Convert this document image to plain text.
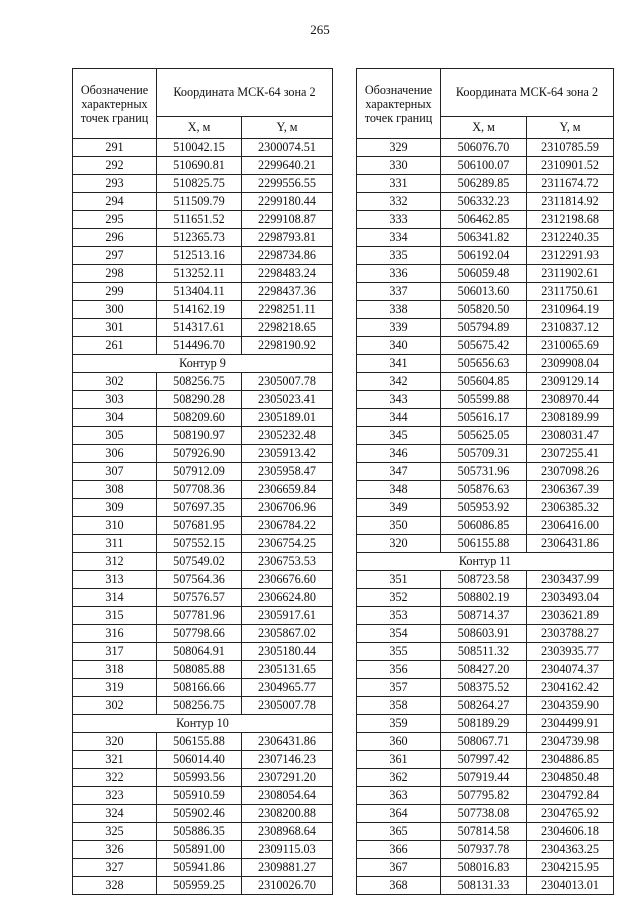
265
Обозначение характерных точек границ	Координата МСК-64 зона 2	
	X, м	Y, м
291	510042.15	2300074.51
292	510690.81	2299640.21
293	510825.75	2299556.55
294	511509.79	2299180.44
295	511651.52	2299108.87
296	512365.73	2298793.81
297	512513.16	2298734.86
298	513252.11	2298483.24
299	513404.11	2298437.36
300	514162.19	2298251.11
301	514317.61	2298218.65
261	514496.70	2298190.92
Контур 9		
302	508256.75	2305007.78
303	508290.28	2305023.41
304	508209.60	2305189.01
305	508190.97	2305232.48
306	507926.90	2305913.42
307	507912.09	2305958.47
308	507708.36	2306659.84
309	507697.35	2306706.96
310	507681.95	2306784.22
311	507552.15	2306754.25
312	507549.02	2306753.53
313	507564.36	2306676.60
314	507576.57	2306624.80
315	507781.96	2305917.61
316	507798.66	2305867.02
317	508064.91	2305180.44
318	508085.88	2305131.65
319	508166.66	2304965.77
302	508256.75	2305007.78
Контур 10		
320	506155.88	2306431.86
321	506014.40	2307146.23
322	505993.56	2307291.20
323	505910.59	2308054.64
324	505902.46	2308200.88
325	505886.35	2308968.64
326	505891.00	2309115.03
327	505941.86	2309881.27
328	505959.25	2310026.70
Обозначение характерных точек границ	Координата МСК-64 зона 2	
	X, м	Y, м
329	506076.70	2310785.59
330	506100.07	2310901.52
331	506289.85	2311674.72
332	506332.23	2311814.92
333	506462.85	2312198.68
334	506341.82	2312240.35
335	506192.04	2312291.93
336	506059.48	2311902.61
337	506013.60	2311750.61
338	505820.50	2310964.19
339	505794.89	2310837.12
340	505675.42	2310065.69
341	505656.63	2309908.04
342	505604.85	2309129.14
343	505599.88	2308970.44
344	505616.17	2308189.99
345	505625.05	2308031.47
346	505709.31	2307255.41
347	505731.96	2307098.26
348	505876.63	2306367.39
349	505953.92	2306385.32
350	506086.85	2306416.00
320	506155.88	2306431.86
Контур 11		
351	508723.58	2303437.99
352	508802.19	2303493.04
353	508714.37	2303621.89
354	508603.91	2303788.27
355	508511.32	2303935.77
356	508427.20	2304074.37
357	508375.52	2304162.42
358	508264.27	2304359.90
359	508189.29	2304499.91
360	508067.71	2304739.98
361	507997.42	2304886.85
362	507919.44	2304850.48
363	507795.82	2304792.84
364	507738.08	2304765.92
365	507814.58	2304606.18
366	507937.78	2304363.25
367	508016.83	2304215.95
368	508131.33	2304013.01
